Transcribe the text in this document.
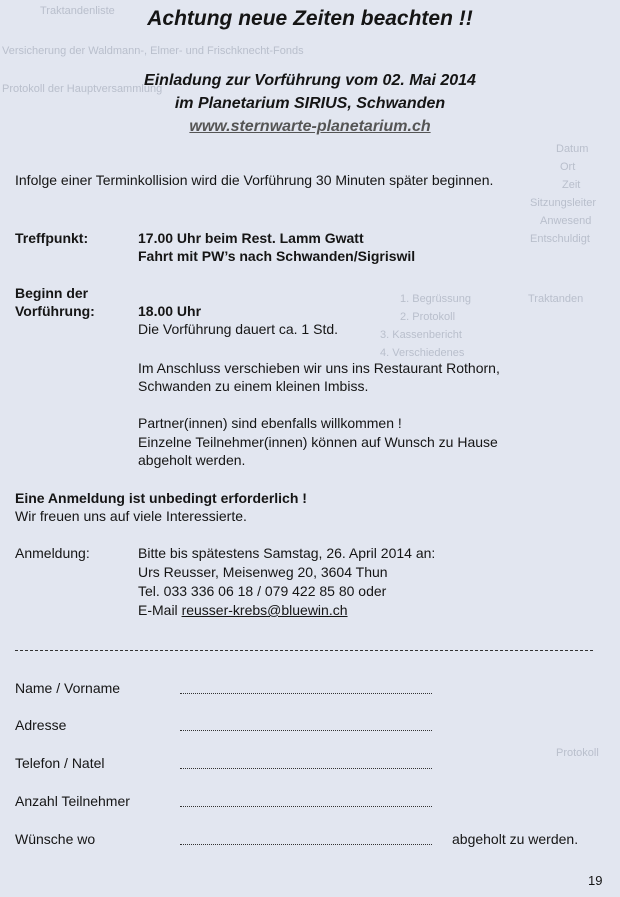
Traktandenliste
Versicherung der Waldmann-, Elmer- und Frischknecht-Fonds
Protokoll der Hauptversammlung
Datum
Ort
Zeit
Sitzungsleiter
Anwesend
Entschuldigt
Traktanden
1. Begrüssung
2. Protokoll
3. Kassenbericht
4. Verschiedenes
Protokoll
Achtung neue Zeiten beachten !!
Einladung zur Vorführung vom 02. Mai 2014
im Planetarium SIRIUS, Schwanden
www.sternwarte-planetarium.ch
Infolge einer Terminkollision wird die Vorführung 30 Minuten später beginnen.
Treffpunkt:	17.00 Uhr beim Rest. Lamm Gwatt
Fahrt mit PW’s nach Schwanden/Sigriswil
Beginn der
Vorführung:	18.00 Uhr
Die Vorführung dauert ca. 1 Std.
Im Anschluss verschieben wir uns ins Restaurant Rothorn,
Schwanden zu einem kleinen Imbiss.
Partner(innen) sind ebenfalls willkommen !
Einzelne Teilnehmer(innen) können auf Wunsch zu Hause
abgeholt werden.
Eine Anmeldung ist unbedingt erforderlich !
Wir freuen uns auf viele Interessierte.
Anmeldung:	Bitte bis spätestens Samstag, 26. April 2014 an:
Urs Reusser, Meisenweg 20, 3604 Thun
Tel. 033 336 06 18 / 079 422 85 80 oder
E-Mail reusser-krebs@bluewin.ch
Name / Vorname
Adresse
Telefon / Natel
Anzahl Teilnehmer
Wünsche wo	abgeholt zu werden.
19
